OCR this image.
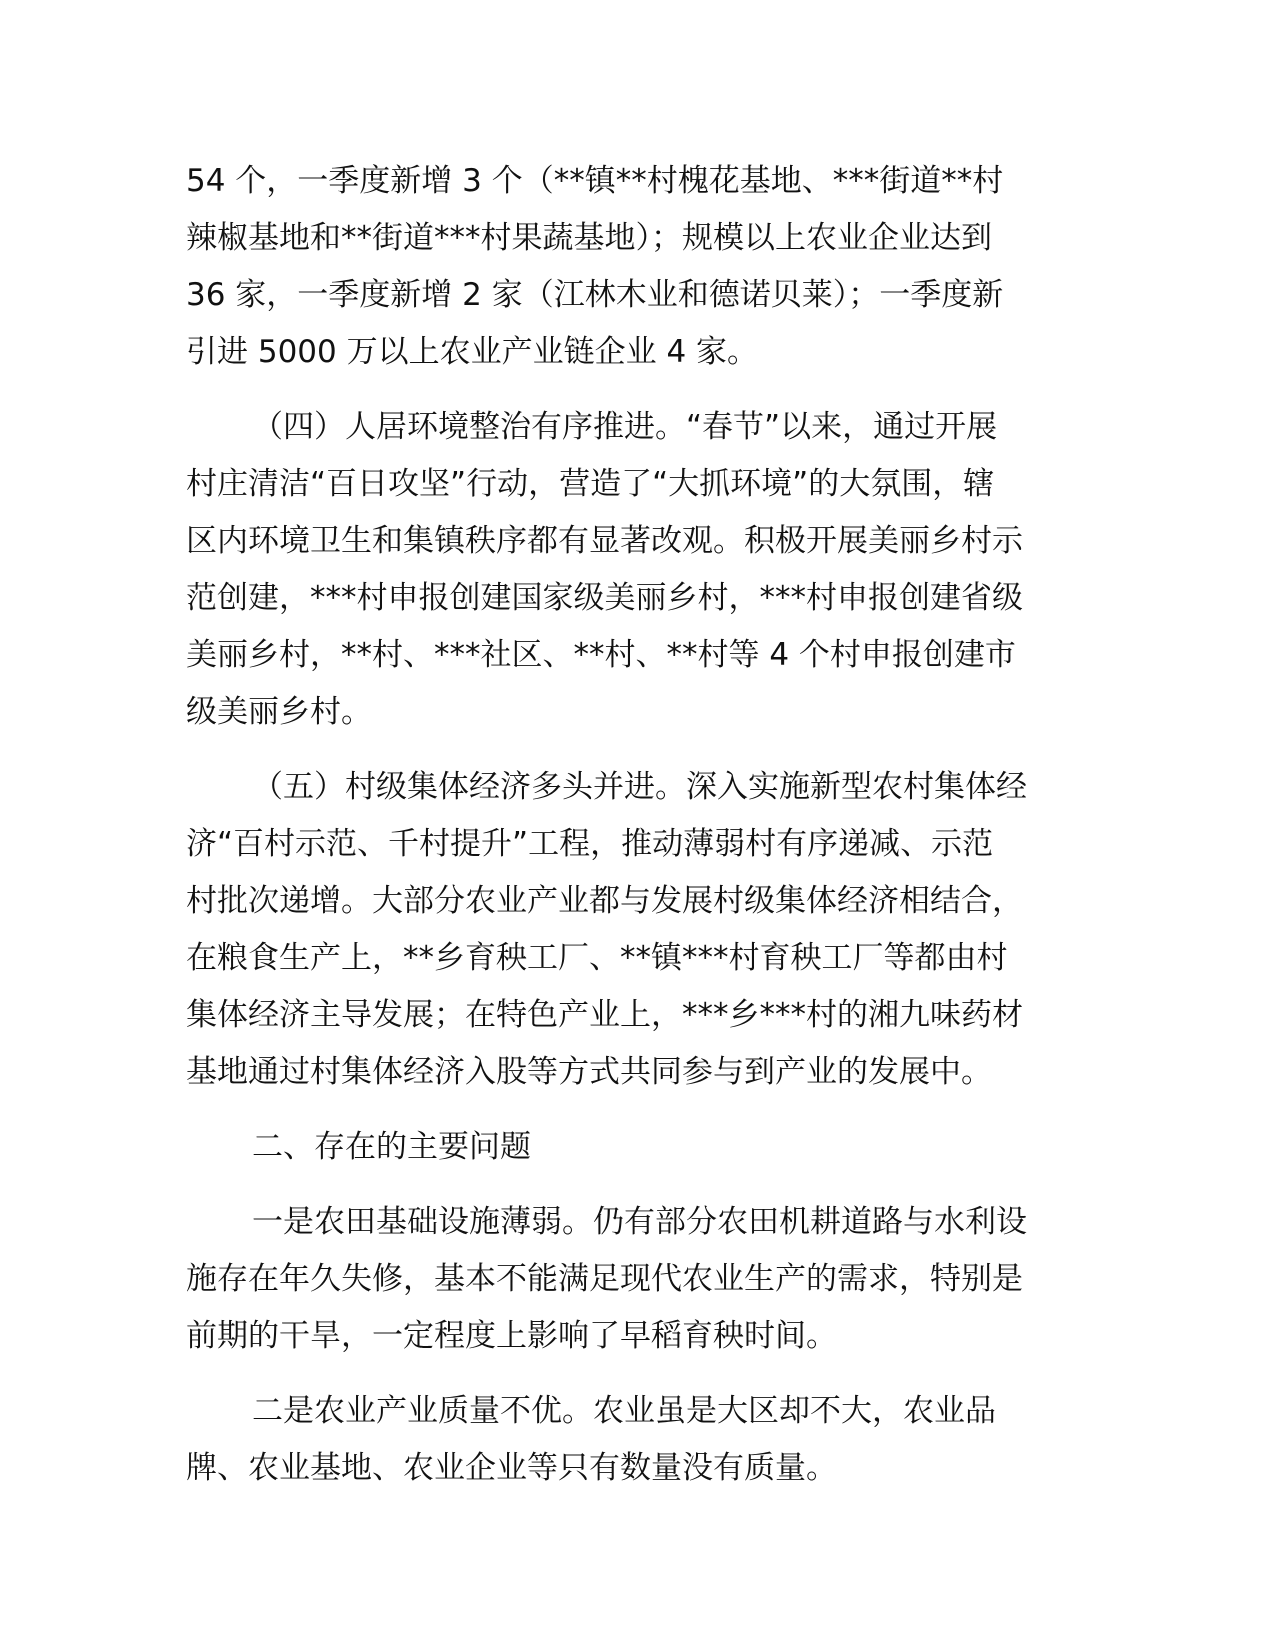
54 个，一季度新增 3 个（**镇**村槐花基地、***街道**村

辣椒基地和**街道***村果蔬基地）；规模以上农业企业达到

36 家，一季度新增 2 家（江林木业和德诺贝莱）；一季度新

引进 5000 万以上农业产业链企业 4 家。

（四）人居环境整治有序推进。“春节”以来，通过开展

村庄清洁“百日攻坚”行动，营造了“大抓环境”的大氛围，辖

区内环境卫生和集镇秩序都有显著改观。积极开展美丽乡村示

范创建，***村申报创建国家级美丽乡村，***村申报创建省级

美丽乡村，**村、***社区、**村、**村等 4 个村申报创建市

级美丽乡村。

（五）村级集体经济多头并进。深入实施新型农村集体经

济“百村示范、千村提升”工程，推动薄弱村有序递减、示范

村批次递增。大部分农业产业都与发展村级集体经济相结合，

在粮食生产上，**乡育秧工厂、**镇***村育秧工厂等都由村

集体经济主导发展；在特色产业上，***乡***村的湘九味药材

基地通过村集体经济入股等方式共同参与到产业的发展中。

二、存在的主要问题

一是农田基础设施薄弱。仍有部分农田机耕道路与水利设

施存在年久失修，基本不能满足现代农业生产的需求，特别是

前期的干旱，一定程度上影响了早稻育秧时间。

二是农业产业质量不优。农业虽是大区却不大，农业品

牌、农业基地、农业企业等只有数量没有质量。
